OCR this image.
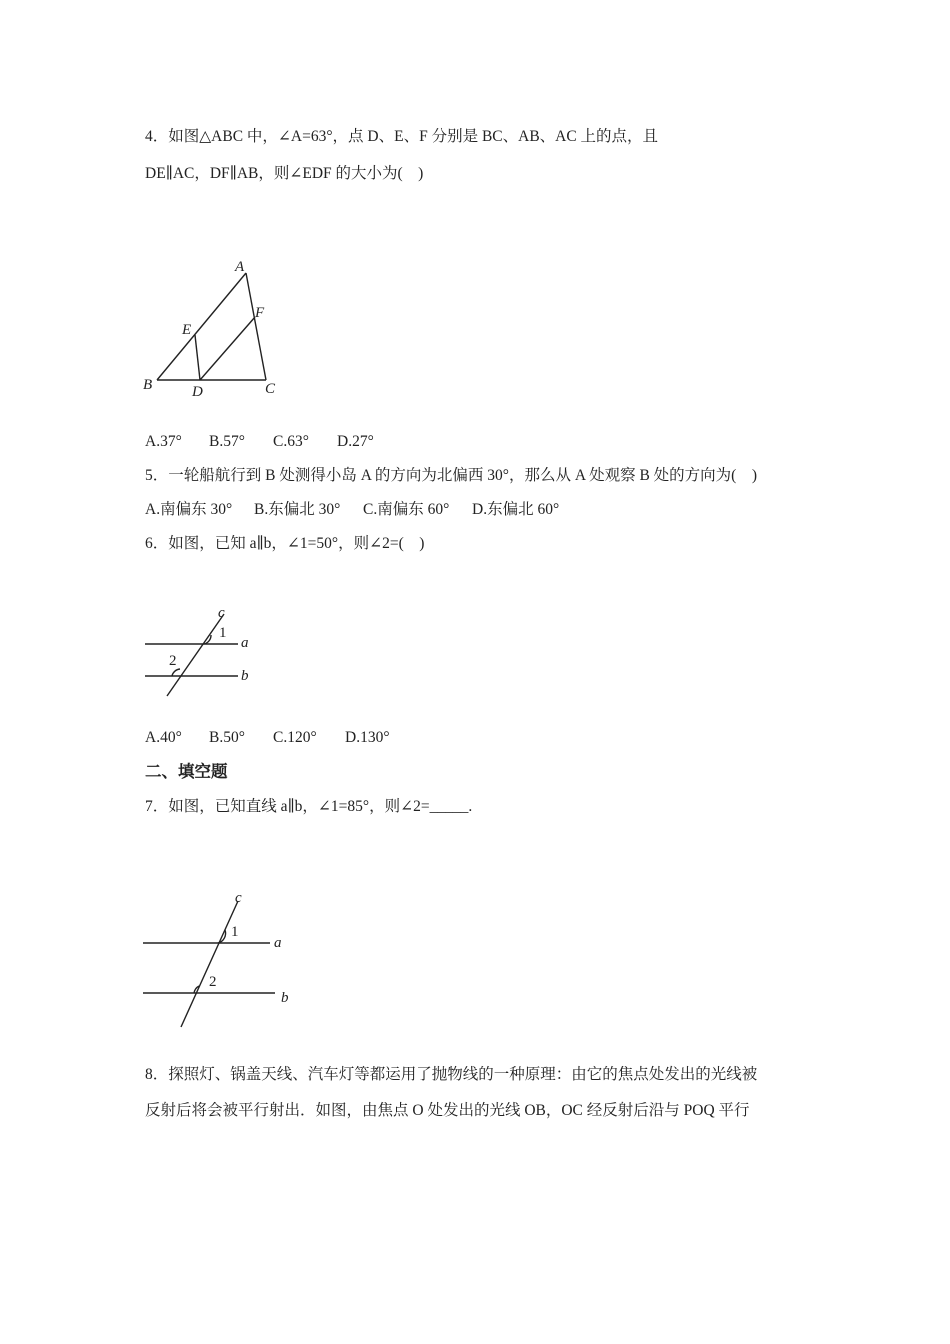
4．如图△ABC 中，∠A=63°，点 D、E、F 分别是 BC、AB、AC 上的点，且
DE∥AC，DF∥AB，则∠EDF 的大小为(　)
A
B	C
D
E
F
A.37° B.57° C.63° D.27°
5．一轮船航行到 B 处测得小岛 A 的方向为北偏西 30°，那么从 A 处观察 B 处的方向为(　)
A.南偏东 30° B.东偏北 30° C.南偏东 60° D.东偏北 60°
6．如图，已知 a∥b，∠1=50°，则∠2=(　)
c
a
b
1
2
A.40° B.50° C.120° D.130°
二、填空题
7．如图，已知直线 a∥b，∠1=85°，则∠2=_____.
c
a
b
1
2
8．探照灯、锅盖天线、汽车灯等都运用了抛物线的一种原理：由它的焦点处发出的光线被
反射后将会被平行射出．如图，由焦点 O 处发出的光线 OB，OC 经反射后沿与 POQ 平行
